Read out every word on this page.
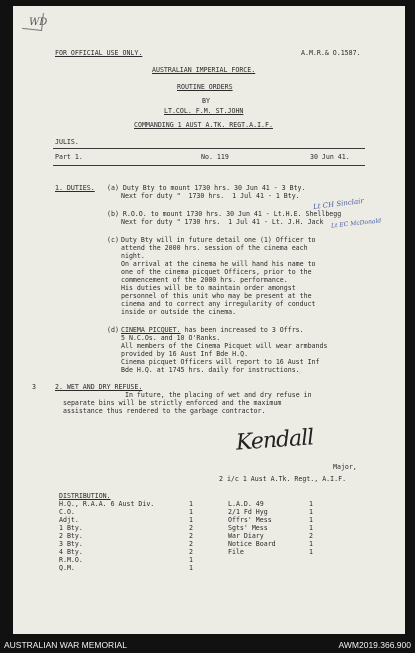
WD
FOR OFFICIAL USE ONLY.	A.M.R.& O.1587.
AUSTRALIAN IMPERIAL FORCE.
ROUTINE ORDERS
BY
LT.COL. F.M. ST.JOHN
COMMANDING 1 AUST A.TK. REGT.A.I.F.
JULIS.
Part 1.	No. 119	30 Jun 41.
1. DUTIES. (a) Duty Bty to mount 1730 hrs. 30 Jun 41 - 3 Bty.
Next for duty "  1730 hrs.  1 Jul 41 - 1 Bty.
(b) R.O.O. to mount 1730 hrs. 30 Jun 41 - Lt.H.E. Shellbegg
Next for duty " 1730 hrs.  1 Jul 41 - Lt. J.H. Jack
Lt CH Sinclair
Lt EC McDonald
(c) Duty Bty will in future detail one (1) Officer to
attend the 2000 hrs. session of the cinema each
night.
On arrival at the cinema he will hand his name to
one of the cinema picquet Officers, prior to the
commencement of the 2000 hrs. performance.
His duties will be to maintain order amongst
personnel of this unit who may be present at the
cinema and to correct any irregularity of conduct
inside or outside the cinema.
(d) CINEMA PICQUET. has been increased to 3 Offrs.
5 N.C.Os. and 10 O'Ranks.
All members of the Cinema Picquet will wear armbands
provided by 16 Aust Inf Bde H.Q.
Cinema picquet Officers will report to 16 Aust Inf
Bde H.Q. at 1745 hrs. daily for instructions.
3	2. WET AND DRY REFUSE.
In future, the placing of wet and dry refuse in
separate bins will be strictly enforced and the maximum
assistance thus rendered to the garbage contractor.
Kendall
Major,
2 i/c 1 Aust A.Tk. Regt., A.I.F.
DISTRIBUTION.
H.Q., R.A.A. 6 Aust Div.	1
C.O.	1
Adjt.	1
1 Bty.	2
2 Bty.	2
3 Bty.	2
4 Bty.	2
R.M.O.	1
Q.M.	1
L.A.D. 49	1
2/1 Fd Hyg	1
Offrs' Mess	1
Sgts' Mess	1
War Diary	2
Notice Board	1
File	1
AUSTRALIAN WAR MEMORIAL	AWM2019.366.900
